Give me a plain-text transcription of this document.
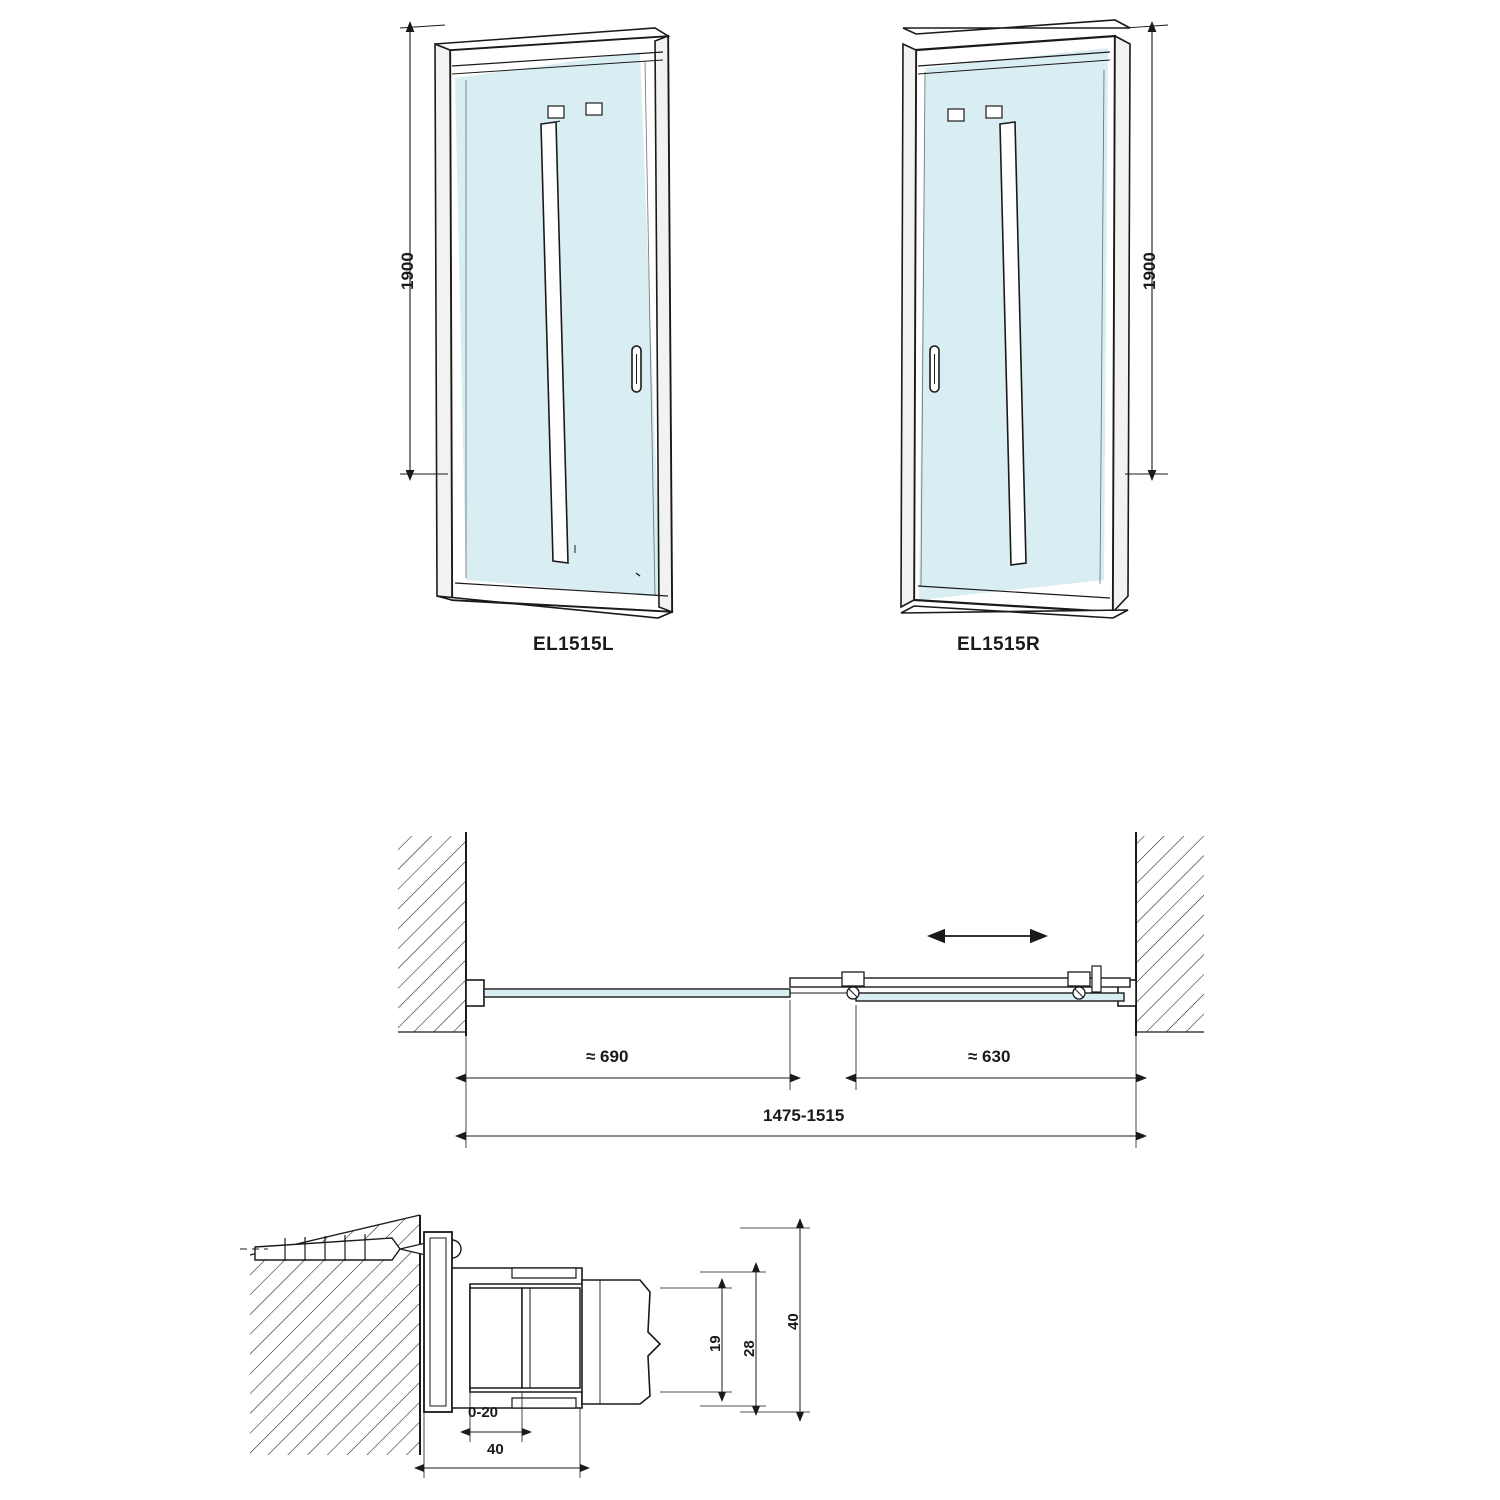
EL1515L	EL1515R
1900	1900
≈ 690	≈ 630
1475-1515
19 28
40
0-20
40
